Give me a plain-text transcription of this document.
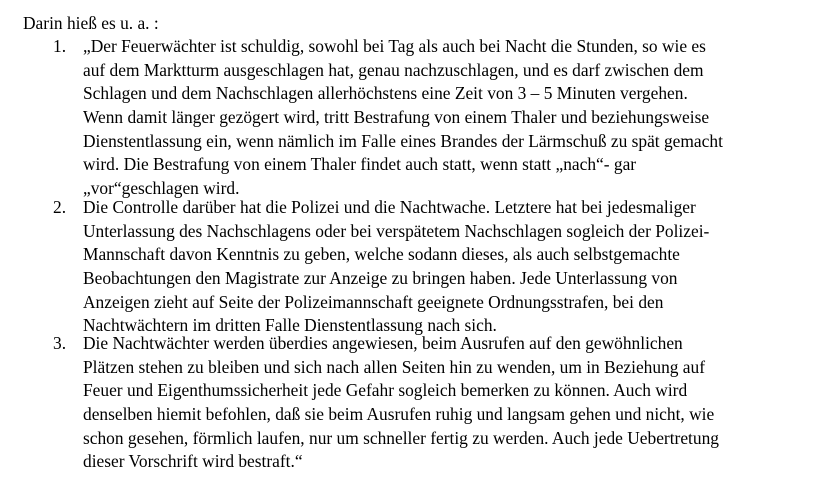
Darin hieß es u. a. :
1. „Der Feuerwächter ist schuldig, sowohl bei Tag als auch bei Nacht die Stunden, so wie es
auf dem Marktturm ausgeschlagen hat, genau nachzuschlagen, und es darf zwischen dem
Schlagen und dem Nachschlagen allerhöchstens eine Zeit von 3 – 5 Minuten vergehen.
Wenn damit länger gezögert wird, tritt Bestrafung von einem Thaler und beziehungsweise
Dienstentlassung ein, wenn nämlich im Falle eines Brandes der Lärmschuß zu spät gemacht
wird. Die Bestrafung von einem Thaler findet auch statt, wenn statt „nach“- gar
„vor“geschlagen wird.
2. Die Controlle darüber hat die Polizei und die Nachtwache. Letztere hat bei jedesmaliger
Unterlassung des Nachschlagens oder bei verspätetem Nachschlagen sogleich der Polizei-
Mannschaft davon Kenntnis zu geben, welche sodann dieses, als auch selbstgemachte
Beobachtungen den Magistrate zur Anzeige zu bringen haben. Jede Unterlassung von
Anzeigen zieht auf Seite der Polizeimannschaft geeignete Ordnungsstrafen, bei den
Nachtwächtern im dritten Falle Dienstentlassung nach sich.
3. Die Nachtwächter werden überdies angewiesen, beim Ausrufen auf den gewöhnlichen
Plätzen stehen zu bleiben und sich nach allen Seiten hin zu wenden, um in Beziehung auf
Feuer und Eigenthumssicherheit jede Gefahr sogleich bemerken zu können. Auch wird
denselben hiemit befohlen, daß sie beim Ausrufen ruhig und langsam gehen und nicht, wie
schon gesehen, förmlich laufen, nur um schneller fertig zu werden. Auch jede Uebertretung
dieser Vorschrift wird bestraft.“
